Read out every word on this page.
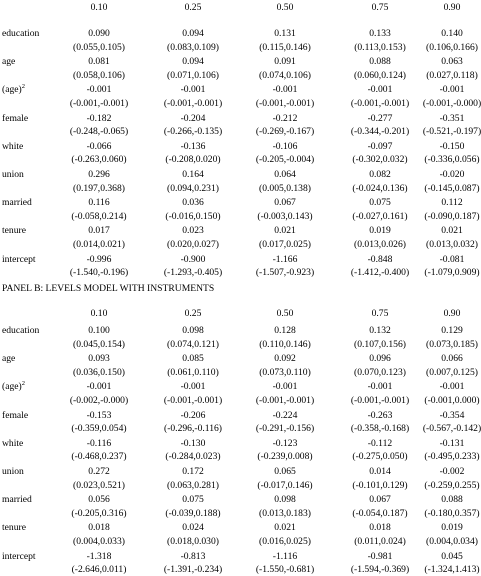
0.10	0.25	0.50	0.75	0.90
education	0.090	0.094	0.131	0.133	0.140
(0.055,0.105)	(0.083,0.109)	(0.115,0.146)	(0.113,0.153) (0.106,0.166)
age	0.081	0.094	0.091	0.088	0.063
(0.058,0.106)	(0.071,0.106)	(0.074,0.106)	(0.060,0.124) (0.027,0.118)
(age)$^2$	-0.001	-0.001	-0.001	-0.001	-0.001
(-0.001,-0.001)	(-0.001,-0.001)	(-0.001,-0.001)	(-0.001,-0.001) (-0.001,-0.000)
female	-0.182	-0.204	-0.212	-0.277	-0.351
(-0.248,-0.065)	(-0.266,-0.135)	(-0.269,-0.167)	(-0.344,-0.201) (-0.521,-0.197)
white	-0.066	-0.136	-0.106	-0.097	-0.150
(-0.263,0.060)	(-0.208,0.020)	(-0.205,-0.004)	(-0.302,0.032) (-0.336,0.056)
union	0.296	0.164	0.064	0.082	-0.020
(0.197,0.368)	(0.094,0.231)	(0.005,0.138)	(-0.024,0.136) (-0.145,0.087)
married	0.116	0.036	0.067	0.075	0.112
(-0.058,0.214)	(-0.016,0.150)	(-0.003,0.143)	(-0.027,0.161) (-0.090,0.187)
tenure	0.017	0.023	0.021	0.019	0.021
(0.014,0.021)	(0.020,0.027)	(0.017,0.025)	(0.013,0.026) (0.013,0.032)
intercept	-0.996	-0.900	-1.166	-0.848	-0.081
(-1.540,-0.196)	(-1.293,-0.405)	(-1.507,-0.923)	(-1.412,-0.400) (-1.079,0.909)
PANEL B: LEVELS MODEL WITH INSTRUMENTS
0.10	0.25	0.50	0.75	0.90
education	0.100	0.098	0.128	0.132	0.129
(0.045,0.154)	(0.074,0.121)	(0.110,0.146)	(0.107,0.156) (0.073,0.185)
age	0.093	0.085	0.092	0.096	0.066
(0.036,0.150)	(0.061,0.110)	(0.073,0.110)	(0.070,0.123) (0.007,0.125)
(age)$^2$	-0.001	-0.001	-0.001	-0.001	-0.001
(-0.002,-0.000)	(-0.001,-0.001)	(-0.001,-0.001)	(-0.001,-0.001) (-0.001,0.000)
female	-0.153	-0.206	-0.224	-0.263	-0.354
(-0.359,0.054)	(-0.296,-0.116)	(-0.291,-0.156)	(-0.358,-0.168) (-0.567,-0.142)
white	-0.116	-0.130	-0.123	-0.112	-0.131
(-0.468,0.237)	(-0.284,0.023)	(-0.239,0.008)	(-0.275,0.050) (-0.495,0.233)
union	0.272	0.172	0.065	0.014	-0.002
(0.023,0.521)	(0.063,0.281)	(-0.017,0.146)	(-0.101,0.129) (-0.259,0.255)
married	0.056	0.075	0.098	0.067	0.088
(-0.205,0.316)	(-0.039,0.188)	(0.013,0.183)	(-0.054,0.187) (-0.180,0.357)
tenure	0.018	0.024	0.021	0.018	0.019
(0.004,0.033)	(0.018,0.030)	(0.016,0.025)	(0.011,0.024) (0.004,0.034)
intercept	-1.318	-0.813	-1.116	-0.981	0.045
(-2.646,0.011)	(-1.391,-0.234)	(-1.550,-0.681)	(-1.594,-0.369) (-1.324,1.413)
